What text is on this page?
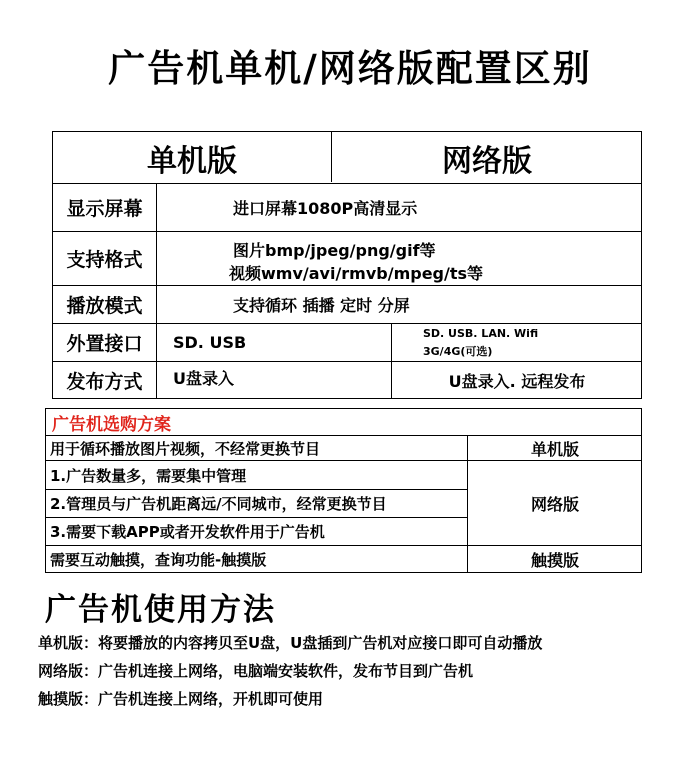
广告机单机/网络版配置区别
单机版	网络版
显示屏幕	进口屏幕1080P高清显示
支持格式	图片bmp/jpeg/png/gif等
视频wmv/avi/rmvb/mpeg/ts等
播放模式	支持循环 插播 定时 分屏
外置接口	SD. USB	SD. USB. LAN. Wifi
3G/4G(可选)
发布方式	U盘录入	U盘录入. 远程发布
广告机选购方案
用于循环播放图片视频，不经常更换节目	单机版
1.广告数量多，需要集中管理
2.管理员与广告机距离远/不同城市，经常更换节目
3.需要下载APP或者开发软件用于广告机
网络版
需要互动触摸，查询功能-触摸版	触摸版
广告机使用方法
单机版：将要播放的内容拷贝至U盘，U盘插到广告机对应接口即可自动播放
网络版：广告机连接上网络，电脑端安装软件，发布节目到广告机
触摸版：广告机连接上网络，开机即可使用
